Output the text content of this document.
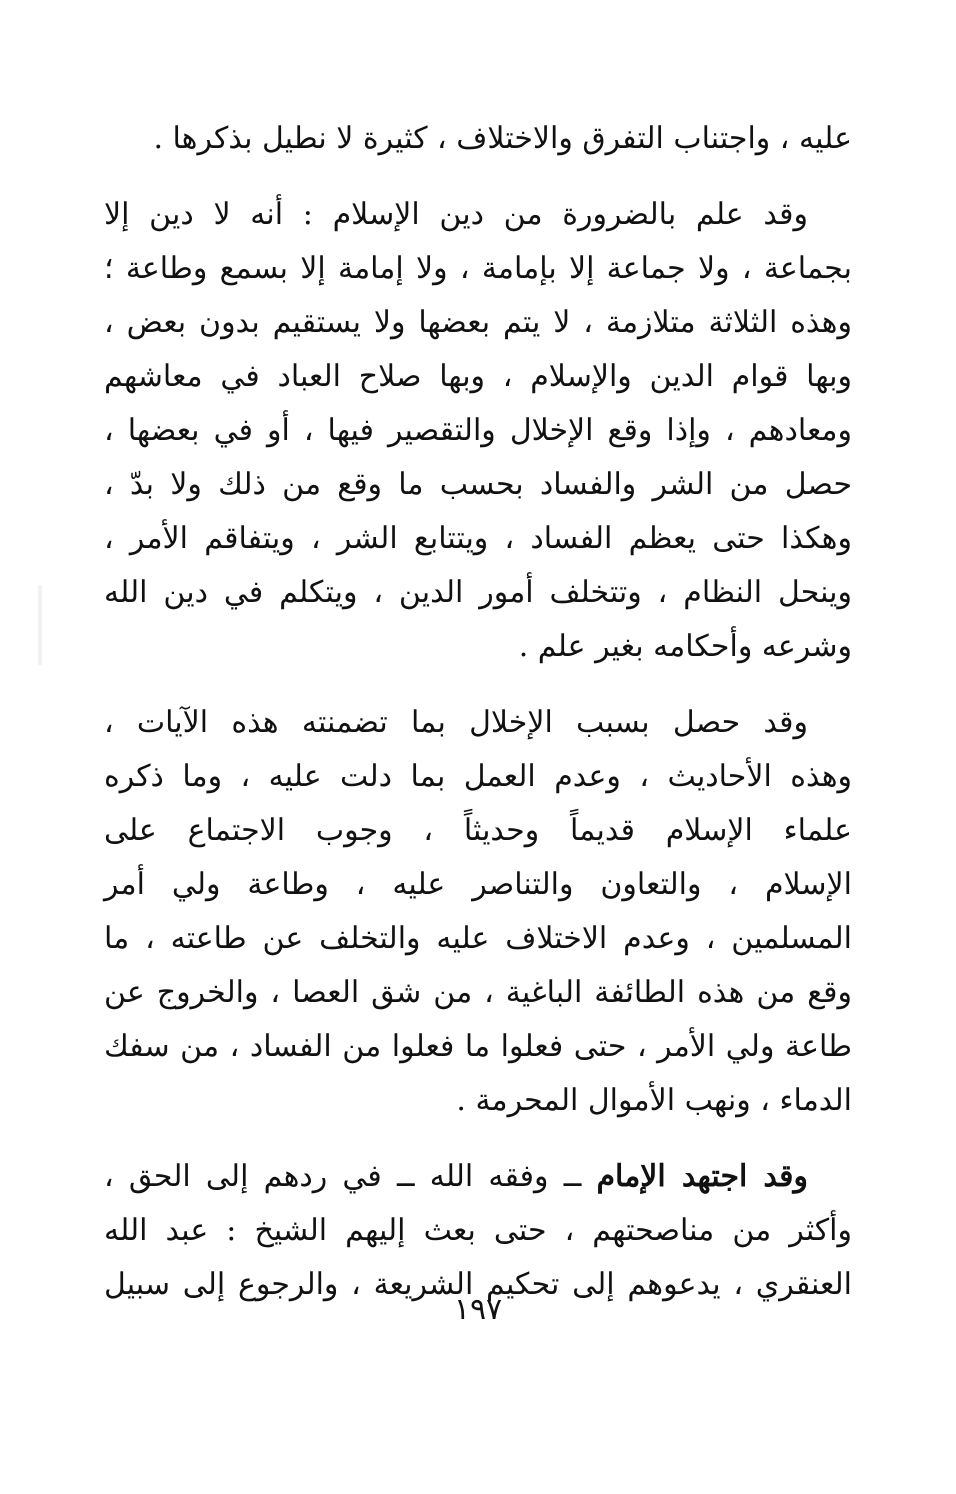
عليه ، واجتناب التفرق والاختلاف ، كثيرة لا نطيل بذكرها .
وقد علم بالضرورة من دين الإسلام : أنه لا دين إلا
بجماعة ، ولا جماعة إلا بإمامة ، ولا إمامة إلا بسمع وطاعة ؛
وهذه الثلاثة متلازمة ، لا يتم بعضها ولا يستقيم بدون بعض ،
وبها قوام الدين والإسلام ، وبها صلاح العباد في معاشهم
ومعادهم ، وإذا وقع الإخلال والتقصير فيها ، أو في بعضها ،
حصل من الشر والفساد بحسب ما وقع من ذلك ولا بدّ ،
وهكذا حتى يعظم الفساد ، ويتتابع الشر ، ويتفاقم الأمر ،
وينحل النظام ، وتتخلف أمور الدين ، ويتكلم في دين الله
وشرعه وأحكامه بغير علم .
وقد حصل بسبب الإخلال بما تضمنته هذه الآيات ،
وهذه الأحاديث ، وعدم العمل بما دلت عليه ، وما ذكره
علماء الإسلام قديماً وحديثاً ، وجوب الاجتماع على
الإسلام ، والتعاون والتناصر عليه ، وطاعة ولي أمر
المسلمين ، وعدم الاختلاف عليه والتخلف عن طاعته ، ما
وقع من هذه الطائفة الباغية ، من شق العصا ، والخروج عن
طاعة ولي الأمر ، حتى فعلوا ما فعلوا من الفساد ، من سفك
الدماء ، ونهب الأموال المحرمة .
وقد اجتهد الإمام ــ وفقه الله ــ في ردهم إلى الحق ،
وأكثر من مناصحتهم ، حتى بعث إليهم الشيخ : عبد الله
العنقري ، يدعوهم إلى تحكيم الشريعة ، والرجوع إلى سبيل
١٩٧
